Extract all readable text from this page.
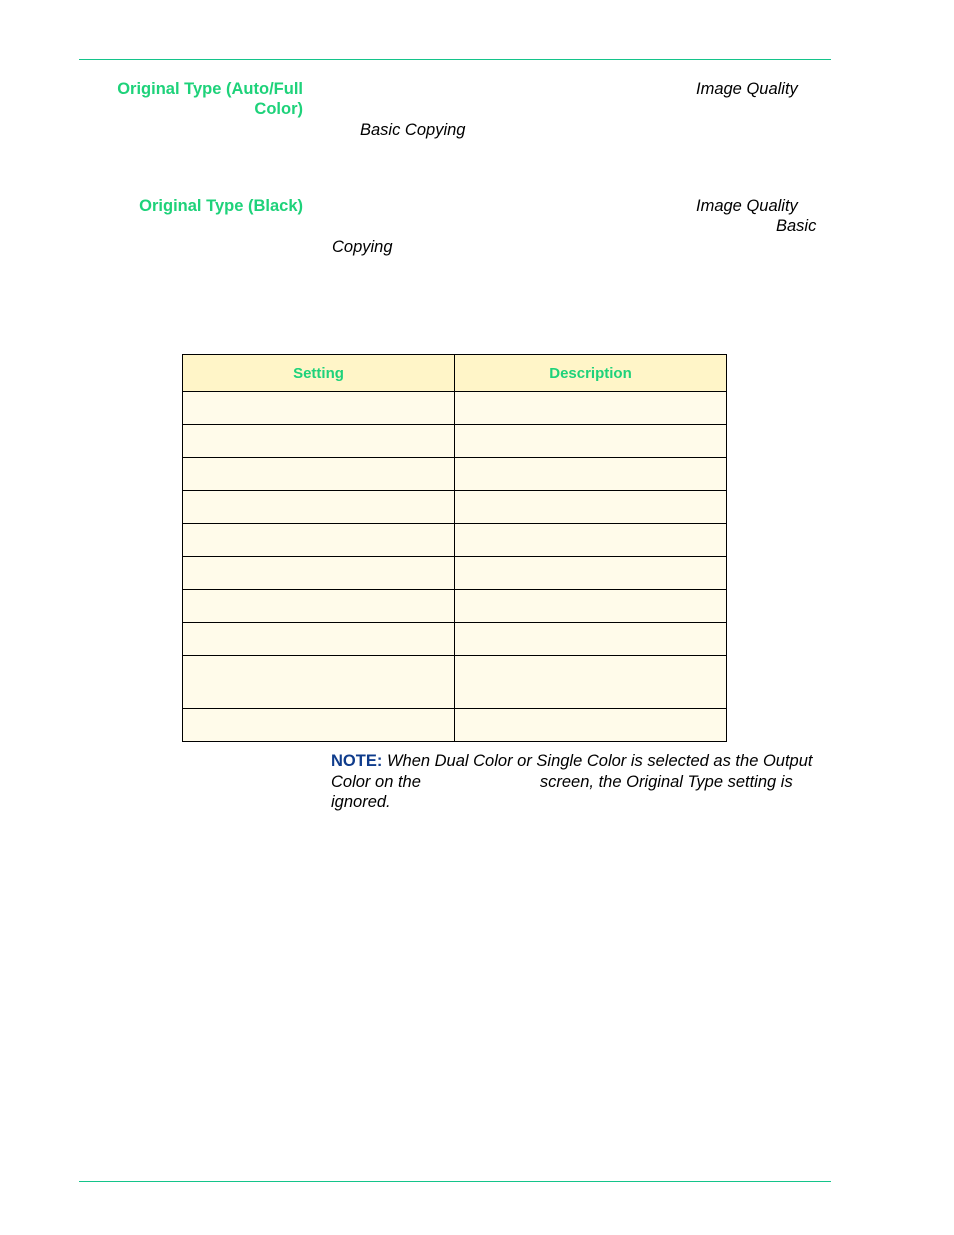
Original Type (Auto/Full
Color)
Image Quality
Basic Copying
Original Type (Black)	Image Quality
Basic
Copying
Setting	Description

NOTE: When Dual Color or Single Color is selected as the Output Color on the	screen, the Original Type setting is ignored.
